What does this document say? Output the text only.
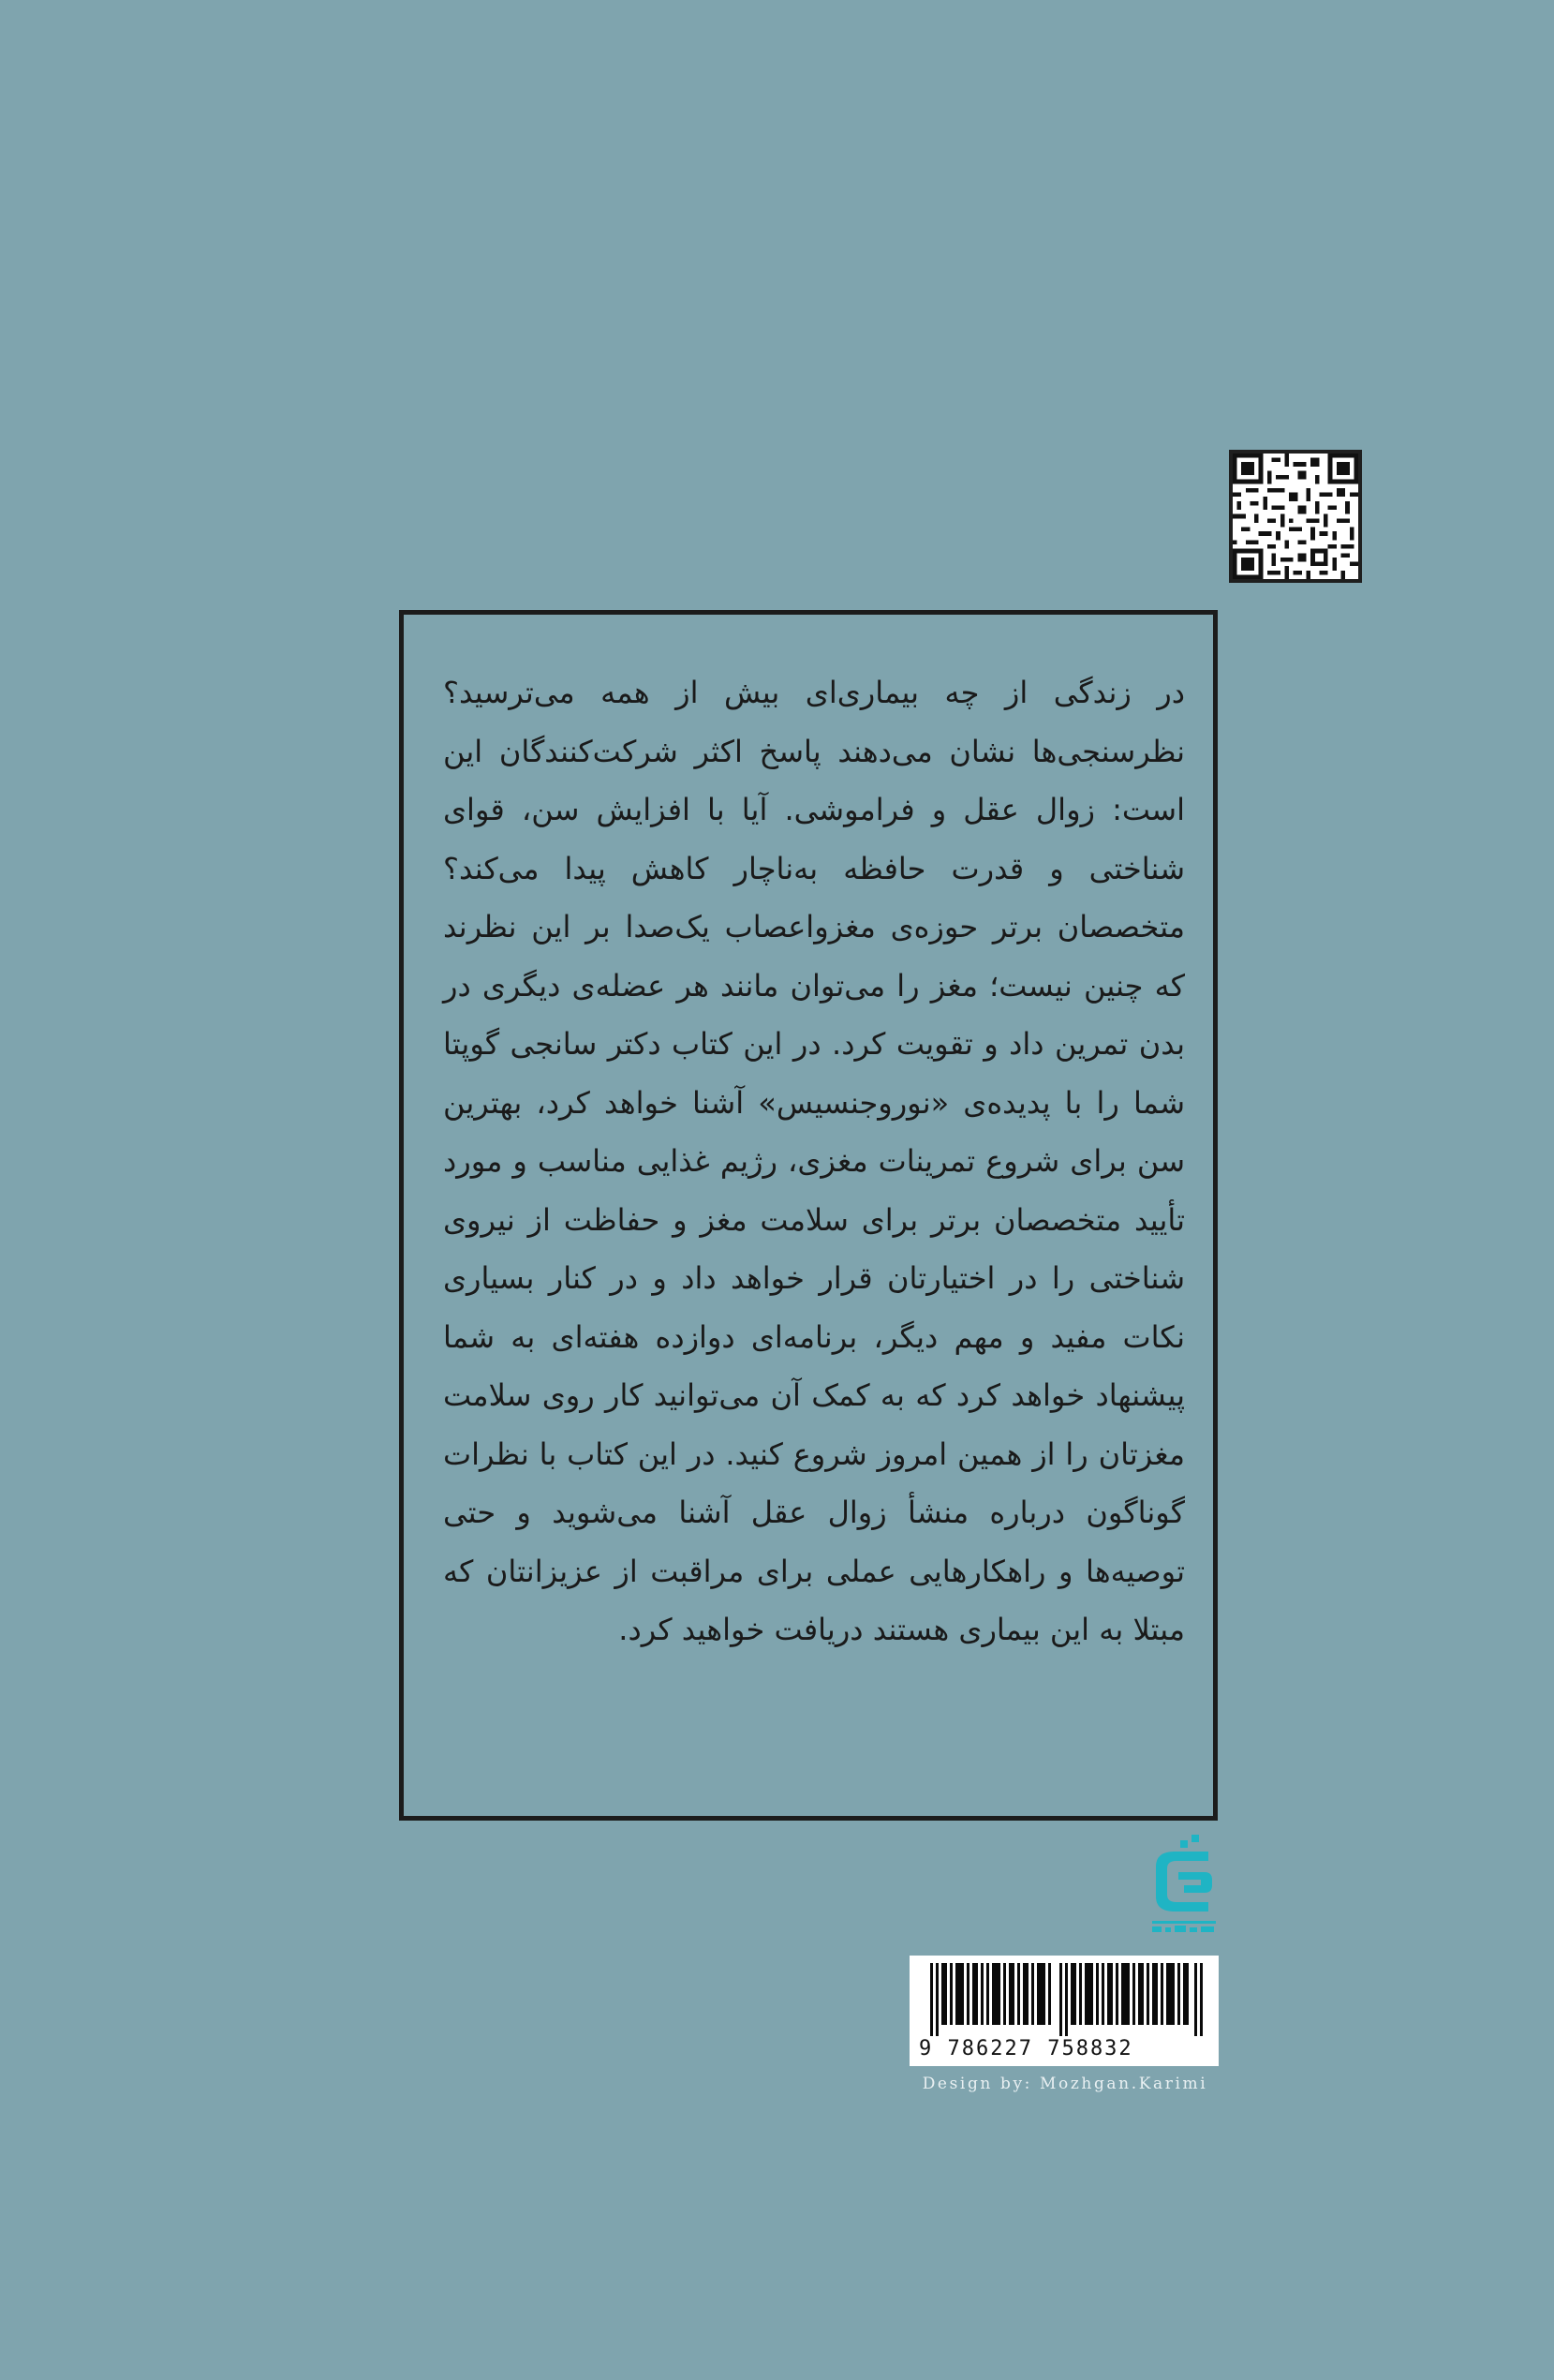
در زندگی از چه بیماری‌ای بیش از همه می‌ترسید؟ نظرسنجی‌ها نشان می‌دهند پاسخ اکثر شرکت‌کنندگان این است: زوال عقل و فراموشی. آیا با افزایش سن، قوای شناختی و قدرت حافظه به‌ناچار کاهش پیدا می‌کند؟ متخصصان برتر حوزه‌ی مغزواعصاب یک‌صدا بر این نظرند که چنین نیست؛ مغز را می‌توان مانند هر عضله‌ی دیگری در بدن تمرین داد و تقویت کرد. در این کتاب دکتر سانجی گوپتا شما را با پدیده‌ی «نوروجنسیس» آشنا خواهد کرد، بهترین سن برای شروع تمرینات مغزی، رژیم غذایی مناسب و مورد تأیید متخصصان برتر برای سلامت مغز و حفاظت از نیروی شناختی را در اختیارتان قرار خواهد داد و در کنار بسیاری نکات مفید و مهم دیگر، برنامه‌ای دوازده هفته‌ای به شما پیشنهاد خواهد کرد که به کمک آن می‌توانید کار روی سلامت مغزتان را از همین امروز شروع کنید. در این کتاب با نظرات گوناگون درباره منشأ زوال عقل آشنا می‌شوید و حتی توصیه‌ها و راهکارهایی عملی برای مراقبت از عزیزانتان که مبتلا به این بیماری هستند دریافت خواهید کرد.

9 786227 758832
Design by: Mozhgan.Karimi
